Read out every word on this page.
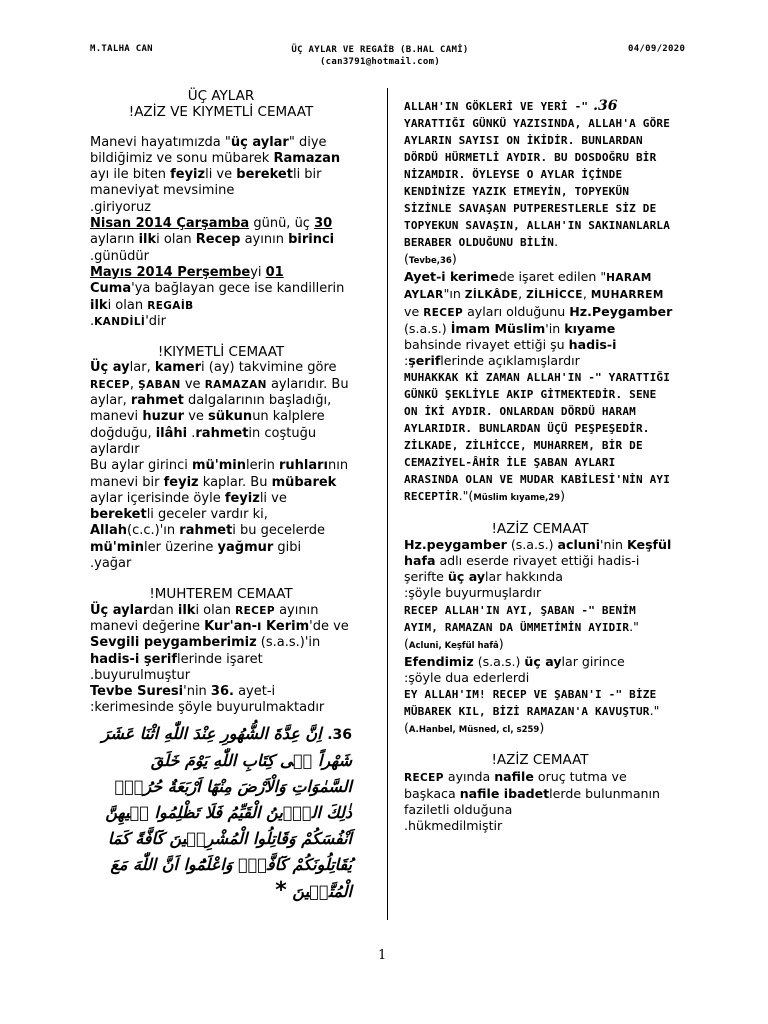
M.TALHA CAN	ÜÇ AYLAR VE REGAİB (B.HAL CAMİ)
(can3791@hotmail.com)
04/09/2020

ÜÇ AYLAR

!AZİZ VE KIYMETLİ CEMAAT

Manevi hayatımızda "üç aylar" diye bildiğimiz ve sonu mübarek Ramazan ayı ile biten feyizli ve bereketli bir maneviyat mevsimine
.giriyoruz

Nisan 2014 Çarşamba günü, üç 30 ayların ilki olan Recep ayının birinci
.günüdür

Mayıs 2014 Perşembeyi 01
Cuma'ya bağlayan gece ise kandillerin ilki olan REGAİB
.KANDİLİ'dir

!KIYMETLİ CEMAAT

Üç aylar, kameri (ay) takvimine göre RECEP, ŞABAN ve RAMAZAN aylarıdır. Bu aylar, rahmet dalgalarının başladığı, manevi huzur ve sükunun kalplere doğduğu, ilâhi .rahmetin coştuğu aylardır

Bu aylar girinci mü'minlerin ruhlarının manevi bir feyiz kaplar. Bu mübarek aylar içerisinde öyle feyizli ve bereketli geceler vardır ki, Allah(c.c.)'ın rahmeti bu gecelerde mü'minler üzerine yağmur gibi
.yağar

!MUHTEREM CEMAAT

Üç aylardan ilki olan RECEP ayının manevi değerine Kur'an-ı Kerim'de ve Sevgili peygamberimiz (s.a.s.)'in hadis-i şeriflerinde işaret .buyurulmuştur

Tevbe Suresi'nin 36. ayet-i
:kerimesinde şöyle buyurulmaktadır

36. اِنَّ عِدَّةَ الشُّهُورِ عِنْدَ اللّٰهِ اثْنَا عَشَرَ شَهْراً فٖى كِتَابِ اللّٰهِ يَوْمَ خَلَقَ السَّمٰوَاتِ وَالْاَرْضَ مِنْهَٓا اَرْبَعَةٌ حُرُمٌۜ ذٰلِكَ الدّٖينُ الْقَيِّمُ فَلَا تَظْلِمُوا فٖيهِنَّ اَنْفُسَكُمْ وَقَاتِلُوا الْمُشْرِكٖينَ كَٓافَّةً كَمَا يُقَاتِلُونَكُمْ كَٓافَّةًۜ وَاعْلَمُٓوا اَنَّ اللّٰهَ مَعَ الْمُتَّقٖينَ *

ALLAH'IN GÖKLERİ VE YERİ -" .36 YARATTIĞI GÜNKÜ YAZISINDA, ALLAH'A GÖRE AYLARIN SAYISI ON İKİDİR. BUNLARDAN DÖRDÜ HÜRMETLİ AYDIR. BU DOSDOĞRU BİR NİZAMDIR. ÖYLEYSE O AYLAR İÇİNDE KENDİNİZE YAZIK ETMEYİN, TOPYEKÜN SİZİNLE SAVAŞAN PUTPERESTLERLE SİZ DE TOPYEKUN SAVAŞIN, ALLAH'IN SAKINANLARLA BERABER OLDUĞUNU BİLİN.
(Tevbe,36)

Ayet-i kerimede işaret edilen "HARAM AYLAR"ın ZİLKÂDE, ZİLHİCCE, MUHARREM ve RECEP ayları olduğunu Hz.Peygamber (s.a.s.) İmam Müslim'in kıyame bahsinde rivayet ettiği şu hadis-i
:şeriflerinde açıklamışlardır

MUHAKKAK Kİ ZAMAN ALLAH'IN -" YARATTIĞI GÜNKÜ ŞEKLİYLE AKIP GİTMEKTEDİR. SENE ON İKİ AYDIR. ONLARDAN DÖRDÜ HARAM AYLARIDIR. BUNLARDAN ÜÇÜ PEŞPEŞEDİR. ZİLKADE, ZİLHİCCE, MUHARREM, BİR DE CEMAZİYEL-ÂHİR İLE ŞABAN AYLARI ARASINDA OLAN VE MUDAR KABİLESİ'NİN AYI RECEPTİR."(Müslim kıyame,29)

!AZİZ CEMAAT

Hz.peygamber (s.a.s.) acluni'nin Keşfül hafa adlı eserde rivayet ettiği hadis-i şerifte üç aylar hakkında
:şöyle buyurmuşlardır

RECEP ALLAH'IN AYI, ŞABAN -" BENİM AYIM, RAMAZAN DA ÜMMETİMİN AYIDIR."(Acluni, Keşfül hafâ)

Efendimiz (s.a.s.) üç aylar girince
:şöyle dua ederlerdi

EY ALLAH'IM! RECEP VE ŞABAN'I -" BİZE MÜBAREK KIL, BİZİ RAMAZAN'A KAVUŞTUR."(A.Hanbel, Müsned, cl, s259)

!AZİZ CEMAAT

RECEP ayında nafile oruç tutma ve başkaca nafile ibadetlerde bulunmanın faziletli olduğuna
.hükmedilmiştir

1
